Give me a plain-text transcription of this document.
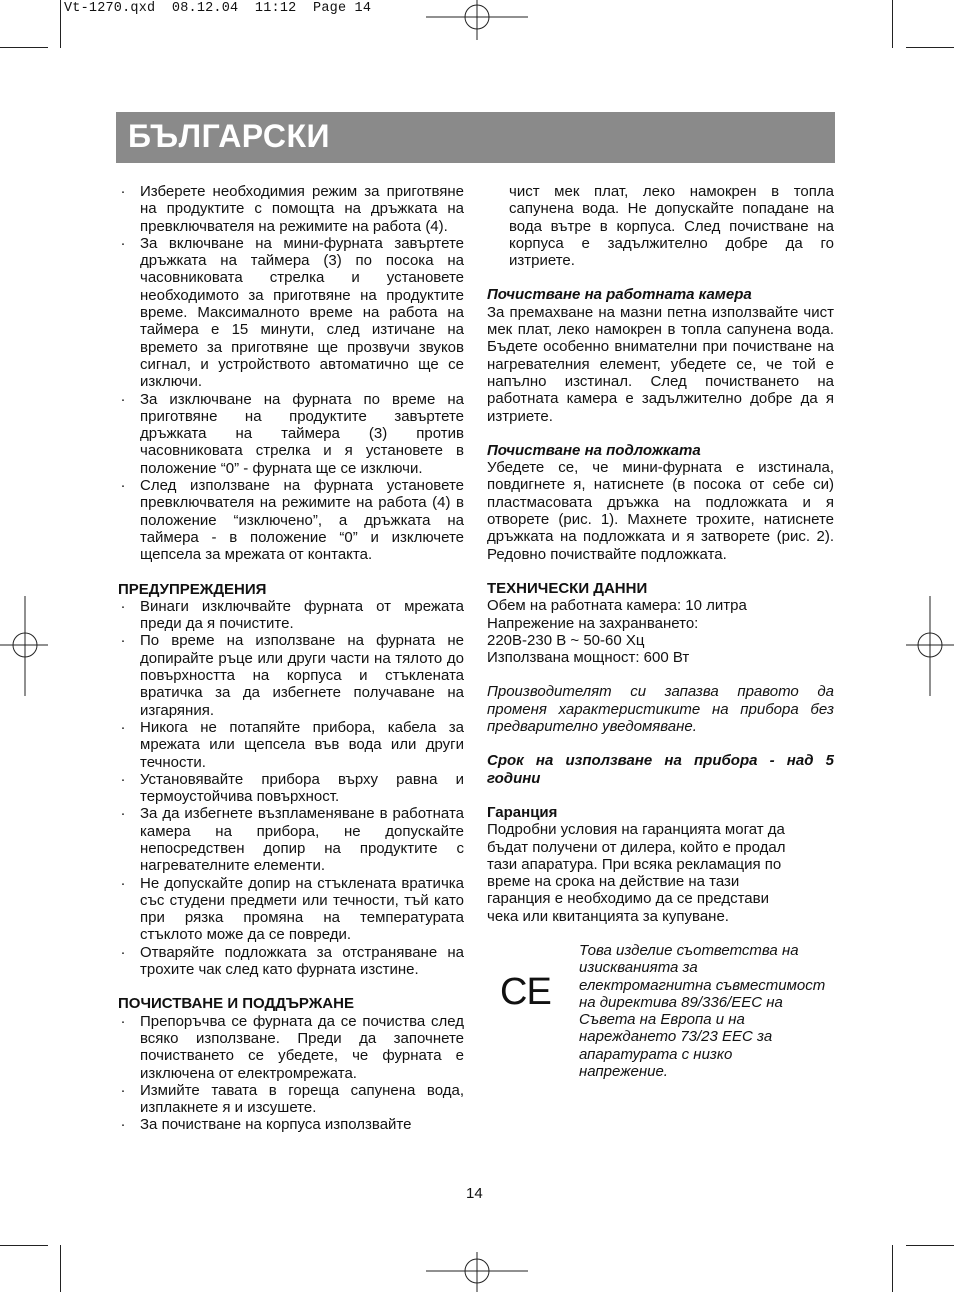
Vt-1270.qxd  08.12.04  11:12  Page 14
БЪЛГАРСКИ
· Изберете необходимия режим за приготвяне на продуктите с помощта на дръжката на превключвателя на режимите на работа (4).
· За включване на мини-фурната завъртете дръжката на таймера (3) по посока на часовниковата стрелка и установете необходимото за приготвяне на продуктите време. Максималното време на работа на таймера е 15 минути, след изтичане на времето за приготвяне ще прозвучи звуков сигнал, и устройството автоматично ще се изключи.
· За изключване на фурната по време на приготвяне на продуктите завъртете дръжката на таймера (3) против часовниковата стрелка и я установете в положение “0” - фурната ще се изключи.
· След използване на фурната установете превключвателя на режимите на работа (4) в положение “изключено”, а дръжката на таймера - в положение “0” и изключете щепсела за мрежата от контакта.
ПРЕДУПРЕЖДЕНИЯ
· Винаги изключвайте фурната от мрежата преди да я почистите.
· По време на използване на фурната не допирайте ръце или други части на тялото до повърхността на корпуса и стъклената вратичка за да избегнете получаване на изгаряния.
· Никога не потапяйте прибора, кабела за мрежата или щепсела във вода или други течности.
· Установявайте прибора върху равна и термоустойчива повърхност.
· За да избегнете възпламеняване в работната камера на прибора, не допускайте непосредствен допир на продуктите с нагревателните елементи.
· Не допускайте допир на стъклената вратичка със студени предмети или течности, тъй като при рязка промяна на температурата стъклото може да се повреди.
· Отваряйте подложката за отстраняване на трохите чак след като фурната изстине.
ПОЧИСТВАНЕ И ПОДДЪРЖАНЕ
· Препоръчва се фурната да се почиства след всяко използване. Преди да започнете почистването се убедете, че фурната е изключена от електромрежата.
· Измийте тавата в гореща сапунена вода, изплакнете я и изсушете.
· За почистване на корпуса използвайте
чист мек плат, леко намокрен в топла сапунена вода. Не допускайте попадане на вода вътре в корпуса. След почистване на корпуса е задължително добре да го изтриете.
Почистване на работната камера
За премахване на мазни петна използвайте чист мек плат, леко намокрен в топла сапунена вода. Бъдете особенно внимателни при почистване на нагревателния елемент, убедете се, че той е напълно изстинал. След почистването на работната камера е задължително добре да я изтриете.
Почистване на подложката
Убедете се, че мини-фурната е изстинала, повдигнете я, натиснете (в посока от себе си) пластмасовата дръжка на подложката и я отворете (рис. 1). Махнете трохите, натиснете дръжката на подложката и я затворете (рис. 2). Редовно почиствайте подложката.
ТЕХНИЧЕСКИ ДАННИ
Обем на работната камера: 10 литра
Напрежение на захранването:
220В-230 В ~ 50-60 Хц
Използвана мощност: 600 Вт
Производителят си запазва правото да променя характеристиките на прибора без предварително уведомяване.
Срок на използване на прибора - над 5 години
Гаранция
Подробни условия на гаранцията могат да
бъдат получени от дилера, който е продал
тази апаратура. При всяка рекламация по
време на срока на действие на тази
гаранция е необходимо да се представи
чека или квитанцията за купуване.
CE
Това изделие съответства на
изискванията за
електромагнитна съвместимост
на директива 89/336/EEC на
Съвета на Европа и на
нареждането 73/23 EEC за
апаратурата с низко
напрежение.
14
